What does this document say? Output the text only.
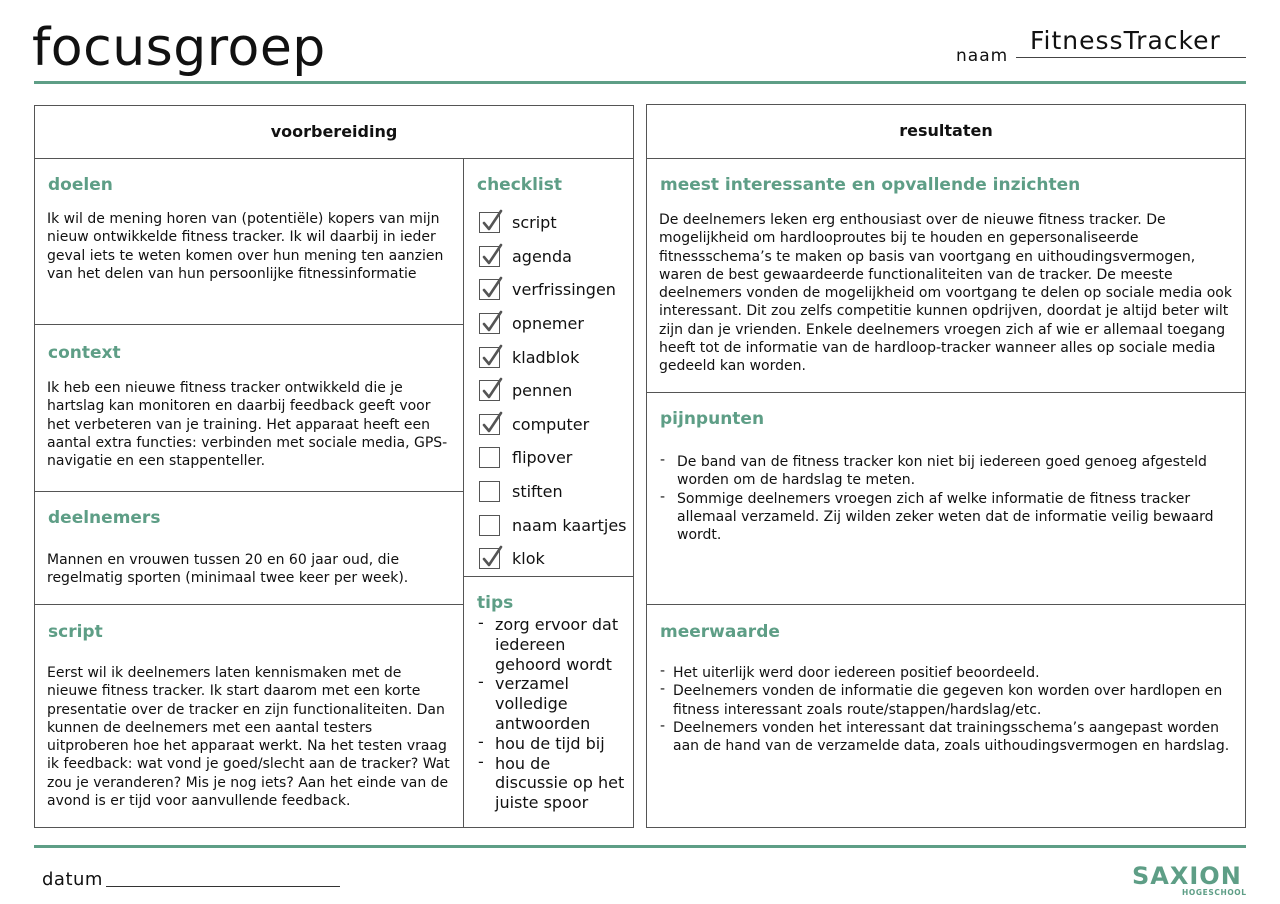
focusgroep	naam
FitnessTracker
voorbereiding
doelen

Ik wil de mening horen van (potentiële) kopers van mijn
nieuw ontwikkelde fitness tracker. Ik wil daarbij in ieder
geval iets te weten komen over hun mening ten aanzien
van het delen van hun persoonlijke fitnessinformatie

context

Ik heb een nieuwe fitness tracker ontwikkeld die je
hartslag kan monitoren en daarbij feedback geeft voor
het verbeteren van je training. Het apparaat heeft een
aantal extra functies: verbinden met sociale media, GPS-
navigatie en een stappenteller.

deelnemers

Mannen en vrouwen tussen 20 en 60 jaar oud, die
regelmatig sporten (minimaal twee keer per week).

script

Eerst wil ik deelnemers laten kennismaken met de
nieuwe fitness tracker. Ik start daarom met een korte
presentatie over de tracker en zijn functionaliteiten. Dan
kunnen de deelnemers met een aantal testers
uitproberen hoe het apparaat werkt. Na het testen vraag
ik feedback: wat vond je goed/slecht aan de tracker? Wat
zou je veranderen? Mis je nog iets? Aan het einde van de
avond is er tijd voor aanvullende feedback.

checklist
script
agenda
verfrissingen
opnemer
kladblok
pennen
computer
flipover
stiften
naam kaartjes
klok
tips
- zorg ervoor dat
iedereen
gehoord wordt
- verzamel
volledige
antwoorden
- hou de tijd bij
- hou de
discussie op het
juiste spoor
resultaten
meest interessante en opvallende inzichten

De deelnemers leken erg enthousiast over de nieuwe fitness tracker. De
mogelijkheid om hardlooproutes bij te houden en gepersonaliseerde
fitnessschema’s te maken op basis van voortgang en uithoudingsvermogen,
waren de best gewaardeerde functionaliteiten van de tracker. De meeste
deelnemers vonden de mogelijkheid om voortgang te delen op sociale media ook
interessant. Dit zou zelfs competitie kunnen opdrijven, doordat je altijd beter wilt
zijn dan je vrienden. Enkele deelnemers vroegen zich af wie er allemaal toegang
heeft tot de informatie van de hardloop-tracker wanneer alles op sociale media
gedeeld kan worden.

pijnpunten
- De band van de fitness tracker kon niet bij iedereen goed genoeg afgesteld
worden om de hardslag te meten.
- Sommige deelnemers vroegen zich af welke informatie de fitness tracker
allemaal verzameld. Zij wilden zeker weten dat de informatie veilig bewaard
wordt.
meerwaarde
- Het uiterlijk werd door iedereen positief beoordeeld.
- Deelnemers vonden de informatie die gegeven kon worden over hardlopen en
fitness interessant zoals route/stappen/hardslag/etc.
- Deelnemers vonden het interessant dat trainingsschema’s aangepast worden
aan de hand van de verzamelde data, zoals uithoudingsvermogen en hardslag.
datum	SAXION
HOGESCHOOL
